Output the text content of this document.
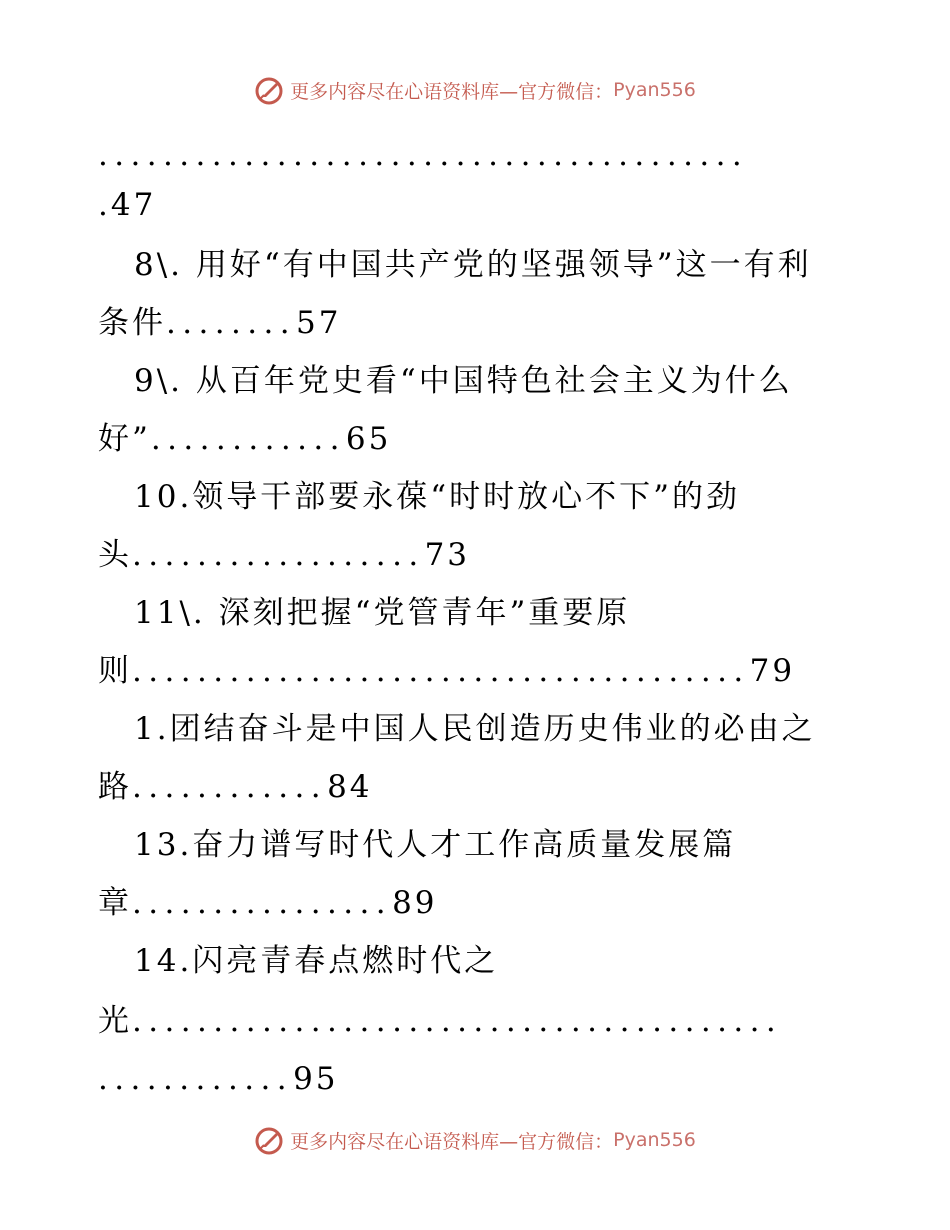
更多内容尽在心语资料库—官方微信： Pyan556
........................................
.47
8\. 用好“有中国共产党的坚强领导”这一有利
条件........57
9\. 从百年党史看“中国特色社会主义为什么
好”............65
10.领导干部要永葆“时时放心不下”的劲
头..................73
11\. 深刻把握“党管青年”重要原
则......................................79
1.团结奋斗是中国人民创造历史伟业的必由之
路............84
13.奋力谱写时代人才工作高质量发展篇
章................89
14.闪亮青春点燃时代之
光........................................
............95
更多内容尽在心语资料库—官方微信： Pyan556
